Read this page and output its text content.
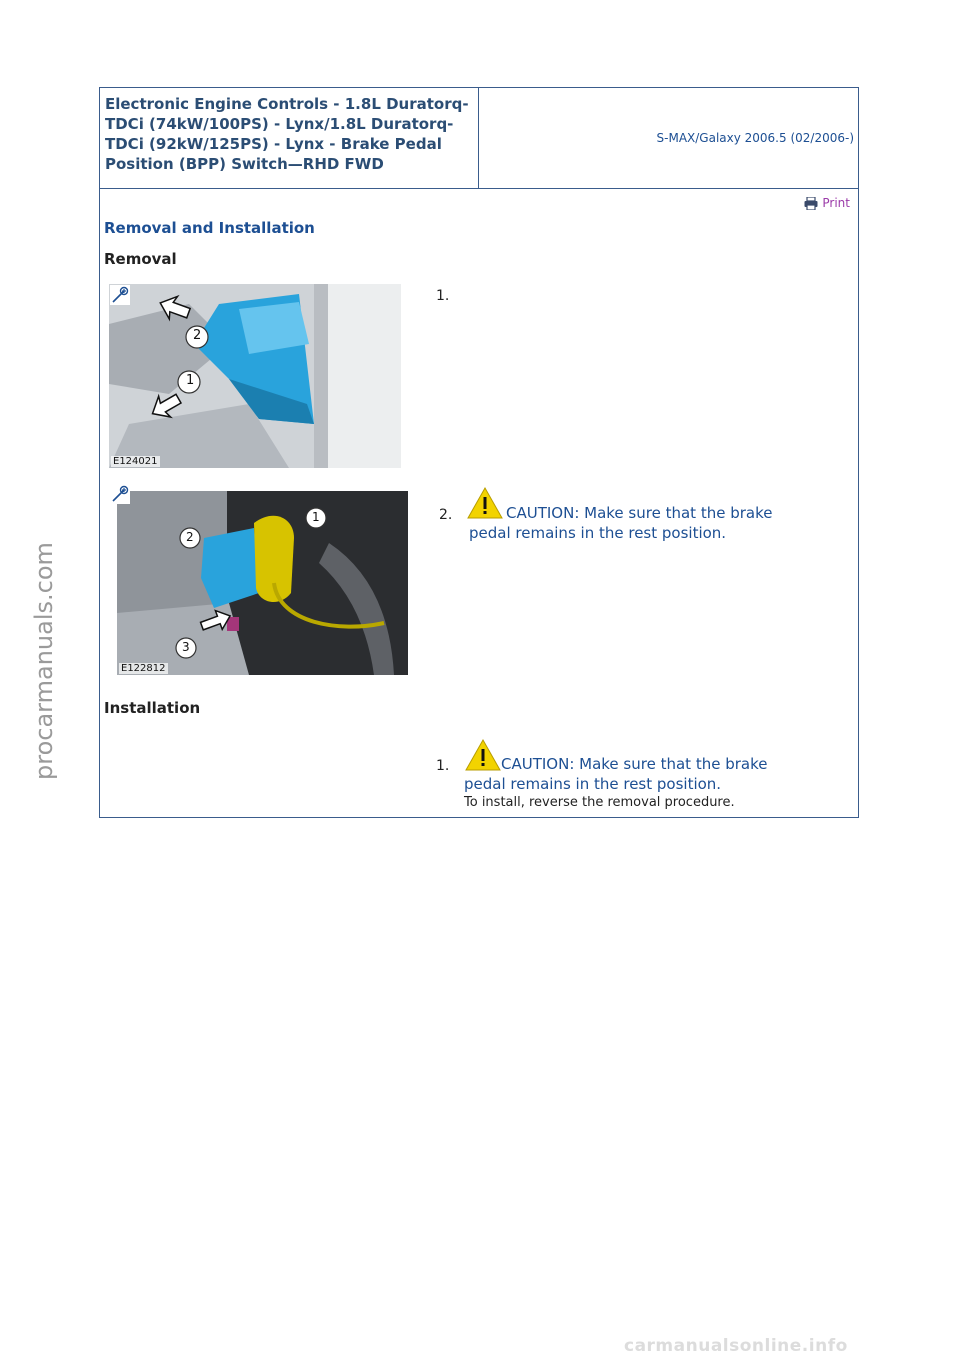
procarmanuals.com
Electronic Engine Controls - 1.8L Duratorq-TDCi (74kW/100PS) - Lynx/1.8L Duratorq-TDCi (92kW/125PS) - Lynx - Brake Pedal Position (BPP) Switch—RHD FWD
S-MAX/Galaxy 2006.5 (02/2006-)
Print
Removal and Installation
Removal
E124021
2
1
1.
E122812
1
2
3
2.	CAUTION: Make sure that the brake pedal remains in the rest position.
Installation
1.	CAUTION: Make sure that the brake pedal remains in the rest position.
To install, reverse the removal procedure.
carmanualsonline.info
